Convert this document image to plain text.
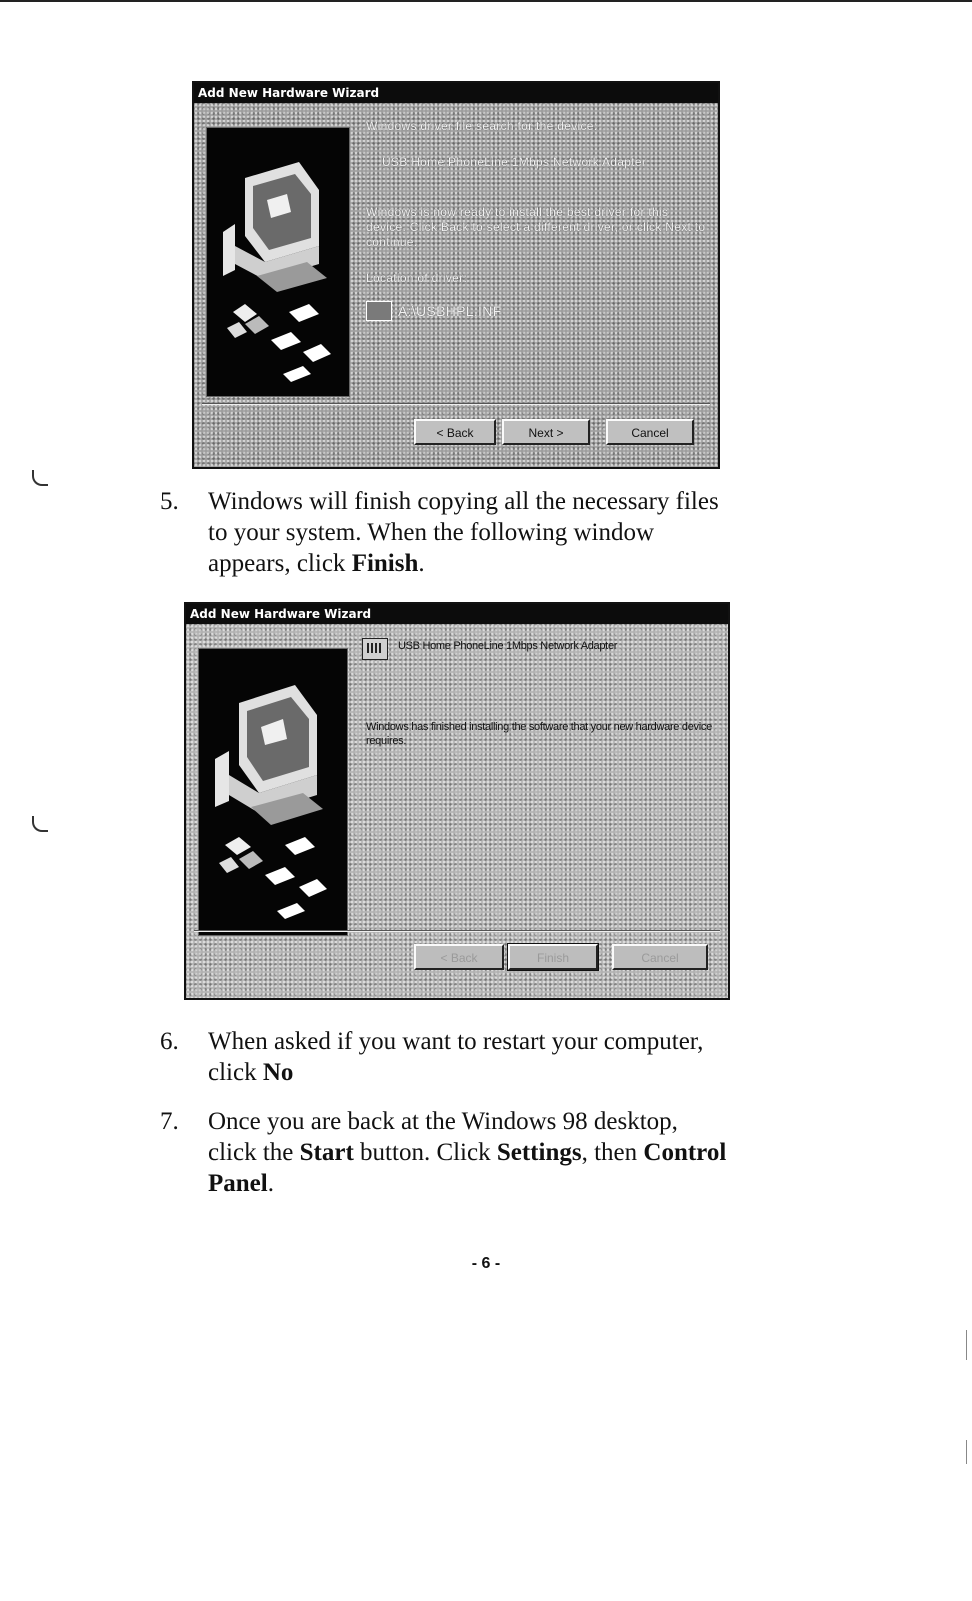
Add New Hardware Wizard
Windows driver file search for the device:
USB Home PhoneLine 1Mbps Network Adapter
Windows is now ready to install the best driver for this device. Click Back to select a different driver, or click Next to continue.
Location of driver:
A:\USBHPL.INF
< Back	Next >	Cancel
5. Windows will finish copying all the necessary files to your system. When the following window appears, click Finish.
Add New Hardware Wizard
USB Home PhoneLine 1Mbps Network Adapter
Windows has finished installing the software that your new hardware device requires.
< Back	Finish	Cancel
6. When asked if you want to restart your computer, click No
7. Once you are back at the Windows 98 desktop, click the Start button. Click Settings, then Control Panel.
- 6 -
